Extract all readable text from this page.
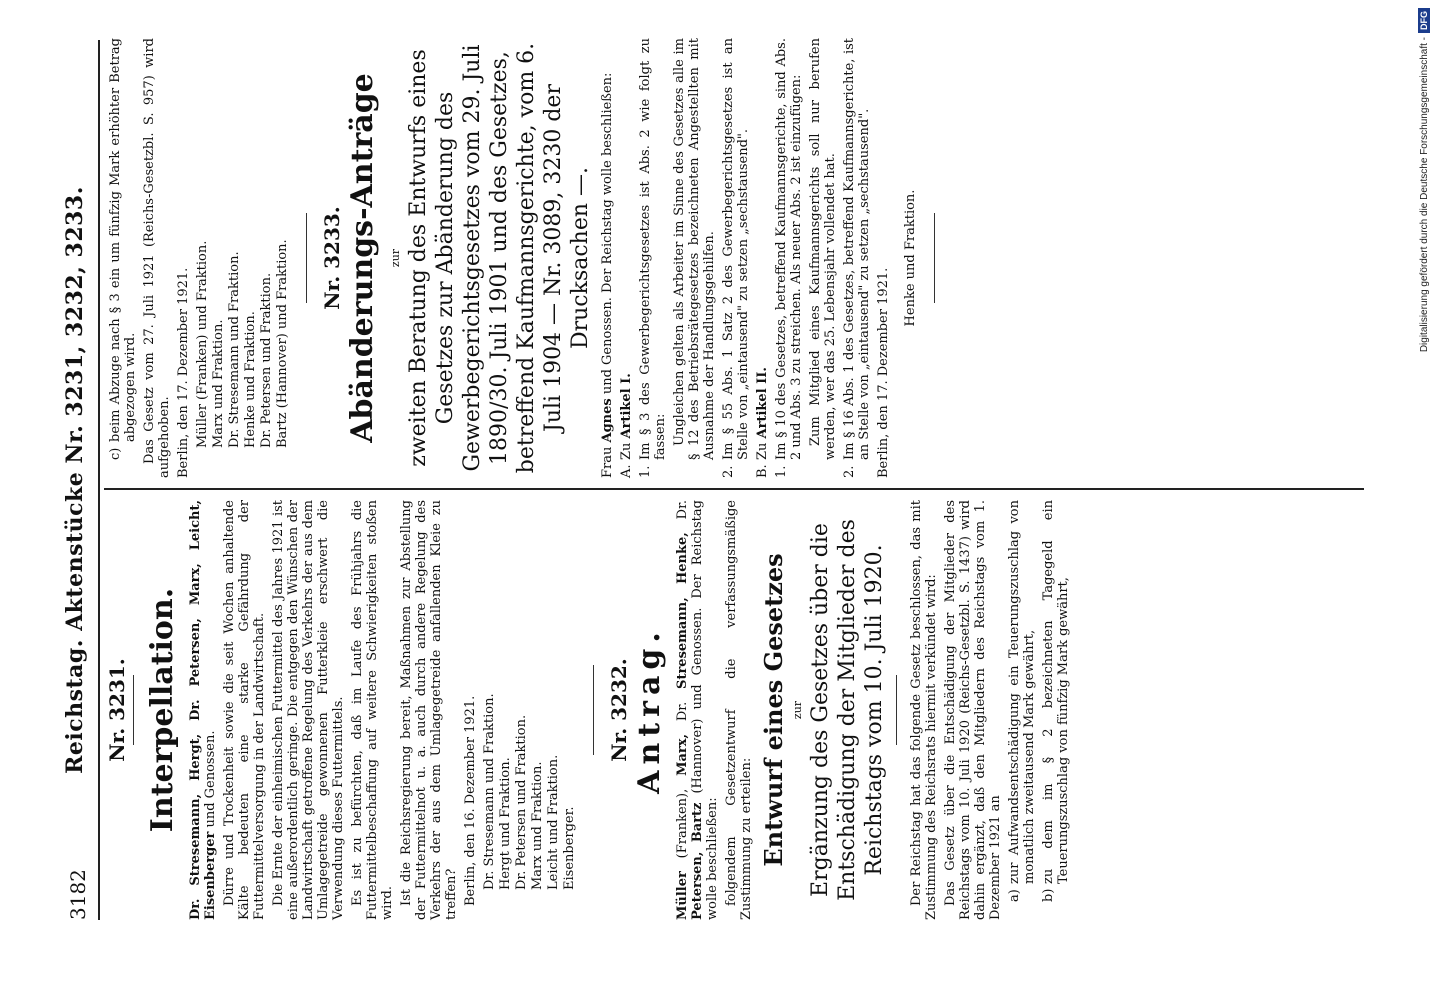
3182
Reichstag. Aktenstücke Nr. 3231, 3232, 3233. Nr. 3231. Interpellation. Dr. Stresemann, Hergt, Dr. Petersen, Marx, Leicht, Eisenberger und Genossen. Dürre und Trockenheit sowie die seit Wochen anhaltende Kälte bedeuten eine starke Gefährdung der Futtermittelversorgung in der Landwirtschaft. Die Ernte der einheimischen Futtermittel des Jahres 1921 ist eine außerordentlich geringe. Die entgegen den Wünschen der Landwirtschaft getroffene Regelung des Verkehrs der aus dem Umlagegetreide gewonnenen Futterkleie erschwert die Verwendung dieses Futtermittels. Es ist zu befürchten, daß im Laufe des Frühjahrs die Futtermittelbeschaffung auf weitere Schwierigkeiten stoßen wird. Ist die Reichsregierung bereit, Maßnahmen zur Abstellung der Futtermittelnot u. a. auch durch andere Regelung des Verkehrs der aus dem Umlagegetreide anfallenden Kleie zu treffen? Berlin, den 16. Dezember 1921. Dr. Stresemann und Fraktion. Hergt und Fraktion. Dr. Petersen und Fraktion. Marx und Fraktion. Leicht und Fraktion. Eisenberger.
Nr. 3232. Antrag.

Müller (Franken), Marx, Dr. Stresemann, Henke, Dr. Petersen, Bartz (Hannover) und Genossen. Der Reichstag wolle beschließen: folgendem Gesetzentwurf die verfassungsmäßige Zustimmung zu erteilen: Entwurf eines Gesetzes zur Ergänzung des Gesetzes über die Entschädigung der Mitglieder des Reichstags vom 10. Juli 1920. Der Reichstag hat das folgende Gesetz beschlossen, das mit Zustimmung des Reichsrats hiermit verkündet wird: Das Gesetz über die Entschädigung der Mitglieder des Reichstags vom 10. Juli 1920 (Reichs-Gesetzbl. S. 1437) wird dahin ergänzt, daß den Mitgliedern des Reichstags vom 1. Dezember 1921 an a)
zur Aufwandsentschädigung ein Teuerungszuschlag von monatlich zweitausend Mark gewährt,
b)
zu dem im § 2 bezeichneten Tagegeld ein Teuerungszuschlag von fünfzig Mark gewährt,
c)
beim Abzuge nach § 3 ein um fünfzig Mark erhöhter Betrag abgezogen wird. Das Gesetz vom 27. Juli 1921 (Reichs-Gesetzbl. S. 957) wird aufgehoben. Berlin, den 17. Dezember 1921. Müller (Franken) und Fraktion. Marx und Fraktion. Dr. Stresemann und Fraktion. Henke und Fraktion. Dr. Petersen und Fraktion. Bartz (Hannover) und Fraktion. Nr. 3233. Abänderungs-Anträge zur zweiten Beratung des Entwurfs eines Gesetzes zur Abänderung des Gewerbegerichtsgesetzes vom 29. Juli 1890/30. Juli 1901 und des Gesetzes, betreffend Kaufmannsgerichte, vom 6. Juli 1904 — Nr. 3089, 3230 der Drucksachen —.

Frau Agnes und Genossen. Der Reichstag wolle beschließen:

A.
Zu Artikel I.
1.
Im § 3 des Gewerbegerichtsgesetzes ist Abs. 2 wie folgt zu fassen: Ungleichen gelten als Arbeiter im Sinne des Gesetzes alle im § 12 des Betriebsrätegesetzes bezeichneten Angestellten mit Ausnahme der Handlungsgehilfen.

2.
Im § 55 Abs. 1 Satz 2 des Gewerbegerichtsgesetzes ist an Stelle von „eintausend" zu setzen „sechstausend".
B.
Zu Artikel II.
1.
Im § 10 des Gesetzes, betreffend Kaufmannsgerichte, sind Abs. 2 und Abs. 3 zu streichen. Als neuer Abs. 2 ist einzufügen: Zum Mitglied eines Kaufmannsgerichts soll nur berufen werden, wer das 25. Lebensjahr vollendet hat.

2.
Im § 16 Abs. 1 des Gesetzes, betreffend Kaufmannsgerichte, ist an Stelle von „eintausend" zu setzen „sechstausend". Berlin, den 17. Dezember 1921.

Henke und Fraktion.	Digitalisierung gefördert durch die Deutsche Forschungsgemeinschaft -DFG
